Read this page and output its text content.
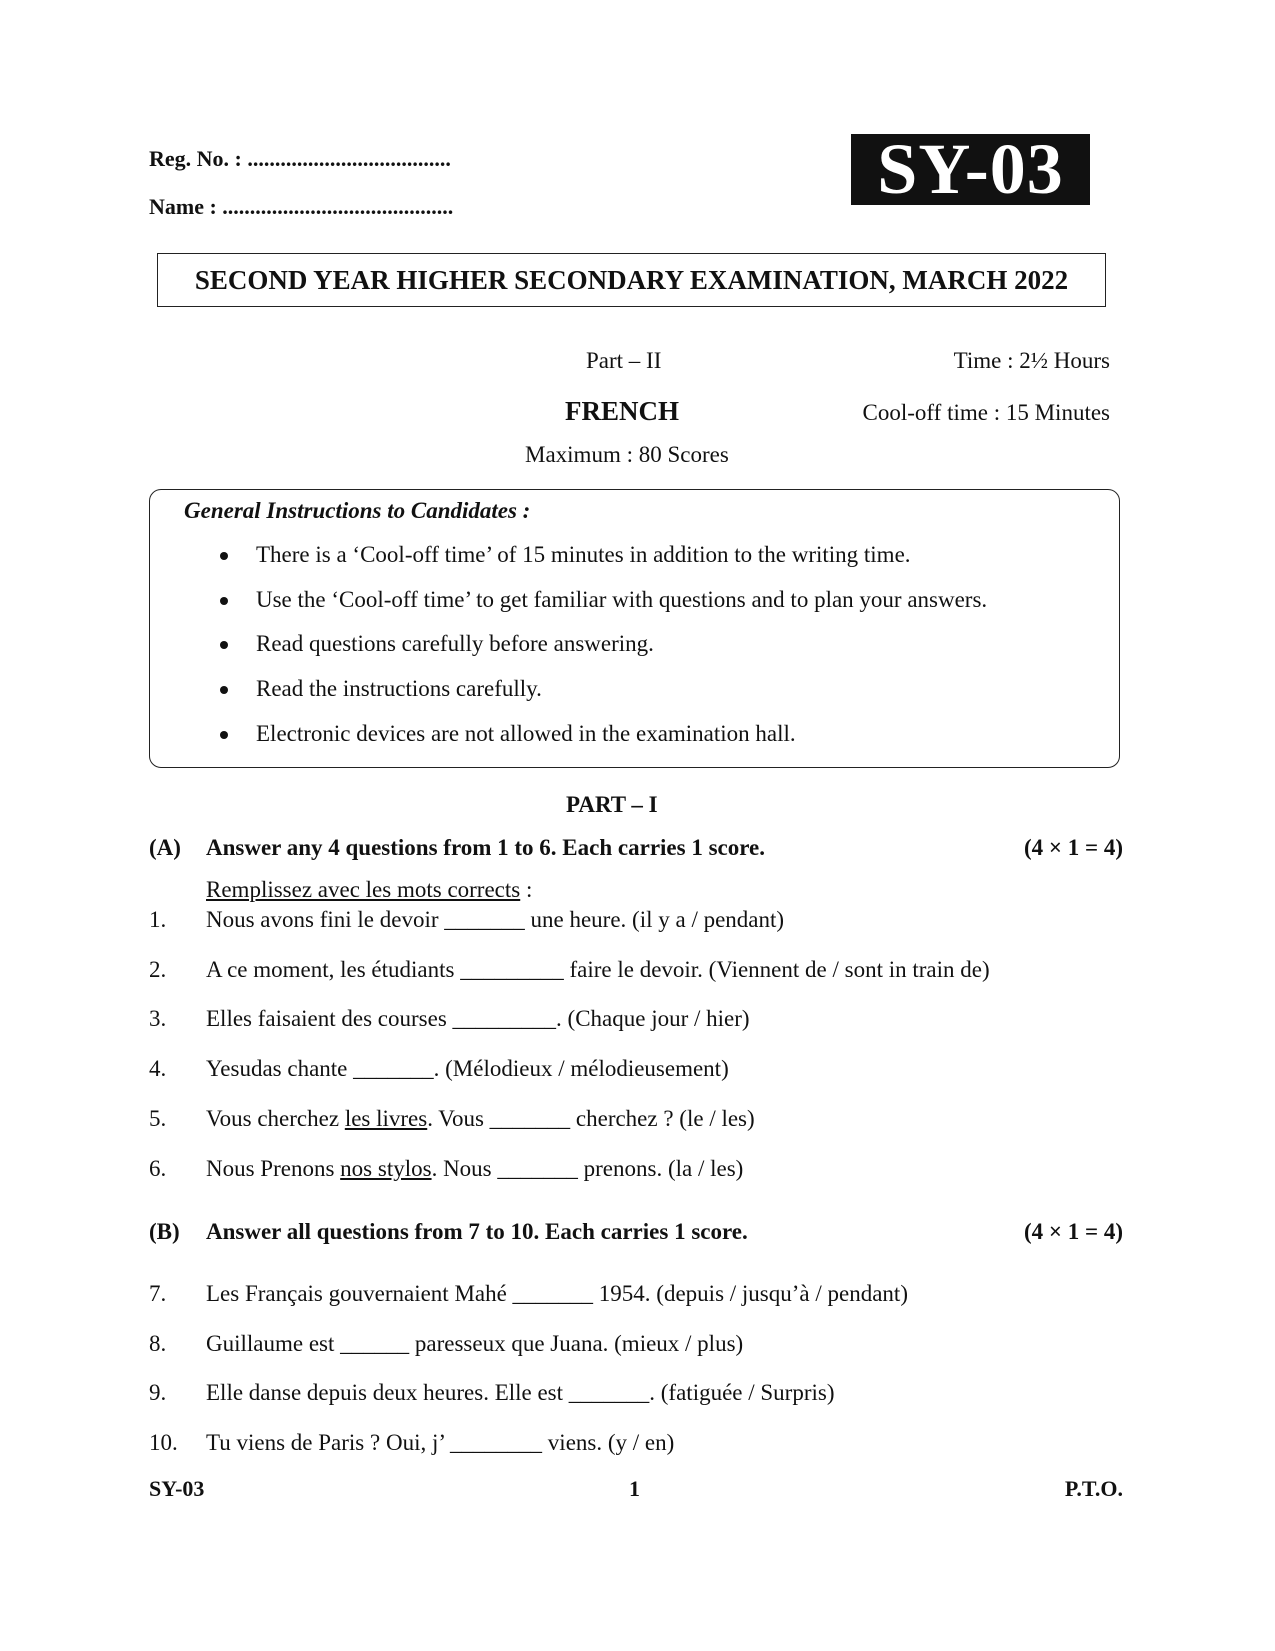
Reg. No. : .....................................
Name : ..........................................	SY-03
SECOND YEAR HIGHER SECONDARY EXAMINATION, MARCH 2022
Part – II	Time : 2½ Hours
FRENCH	Cool-off time : 15 Minutes
Maximum : 80 Scores
General Instructions to Candidates :
There is a ‘Cool-off time’ of 15 minutes in addition to the writing time.
Use the ‘Cool-off time’ to get familiar with questions and to plan your answers.
Read questions carefully before answering.
Read the instructions carefully.
Electronic devices are not allowed in the examination hall.
PART – I
(A) Answer any 4 questions from 1 to 6. Each carries 1 score.	(4 × 1 = 4)
Remplissez avec les mots corrects :
1. Nous avons fini le devoir _______ une heure. (il y a / pendant)
2. A ce moment, les étudiants _________ faire le devoir. (Viennent de / sont in train de)
3. Elles faisaient des courses _________. (Chaque jour / hier)
4. Yesudas chante _______. (Mélodieux / mélodieusement)
5. Vous cherchez les livres. Vous _______ cherchez ? (le / les)
6. Nous Prenons nos stylos. Nous _______ prenons. (la / les)
(B) Answer all questions from 7 to 10. Each carries 1 score.	(4 × 1 = 4)
7. Les Français gouvernaient Mahé _______ 1954. (depuis / jusqu’à / pendant)
8. Guillaume est ______ paresseux que Juana. (mieux / plus)
9. Elle danse depuis deux heures. Elle est _______. (fatiguée / Surpris)
10. Tu viens de Paris ? Oui, j’ ________ viens. (y / en)
SY-03	1	P.T.O.
